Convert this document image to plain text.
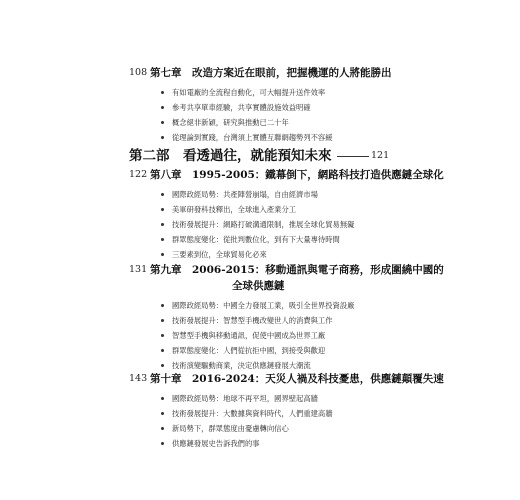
108 第七章　改造方案近在眼前，把握機運的人將能勝出
有如電廠的全流程自動化，可大幅提升送件效率
參考共享單車經驗，共享實體設施效益明確
概念絕非新穎，研究與推動已二十年
從理論到實踐，台灣須上實體互聯網趨勢列不容緩
第二部　看透過往，就能預知未來	121
122 第八章　1995-2005：鐵幕倒下，網路科技打造供應鏈全球化
國際政經局勢：共產陣營崩塌，自由經濟市場
美軍研發科技釋出，全球進入產業分工
技術發展提升：網路打破溝通限制，推展全球化貿易無礙
群眾態度變化：從批判數位化，到有下大量專待時間
三要素到位，全球貿易化必來
131 第九章　2006-2015：移動通訊與電子商務，形成圍繞中國的
全球供應鏈
國際政經局勢：中國全力發展工業，吸引全世界投資設廠
技術發展提升：智慧型手機改變世人的消費與工作
智慧型手機與移動通訊，促使中國成為世界工廠
群眾態度變化：人們從抗拒中國，到接受與歡迎
技術演變驅動商業，決定供應鏈發展大潮流
143 第十章　2016-2024：天災人禍及科技憂患，供應鏈顛覆失速
國際政經局勢：地球不再平坦，國界壁起高牆
技術發展提升：大數據與資料時代，人們重建高牆
新局勢下，群眾態度由憂慮轉向信心
供應鏈發展史告訴我們的事
